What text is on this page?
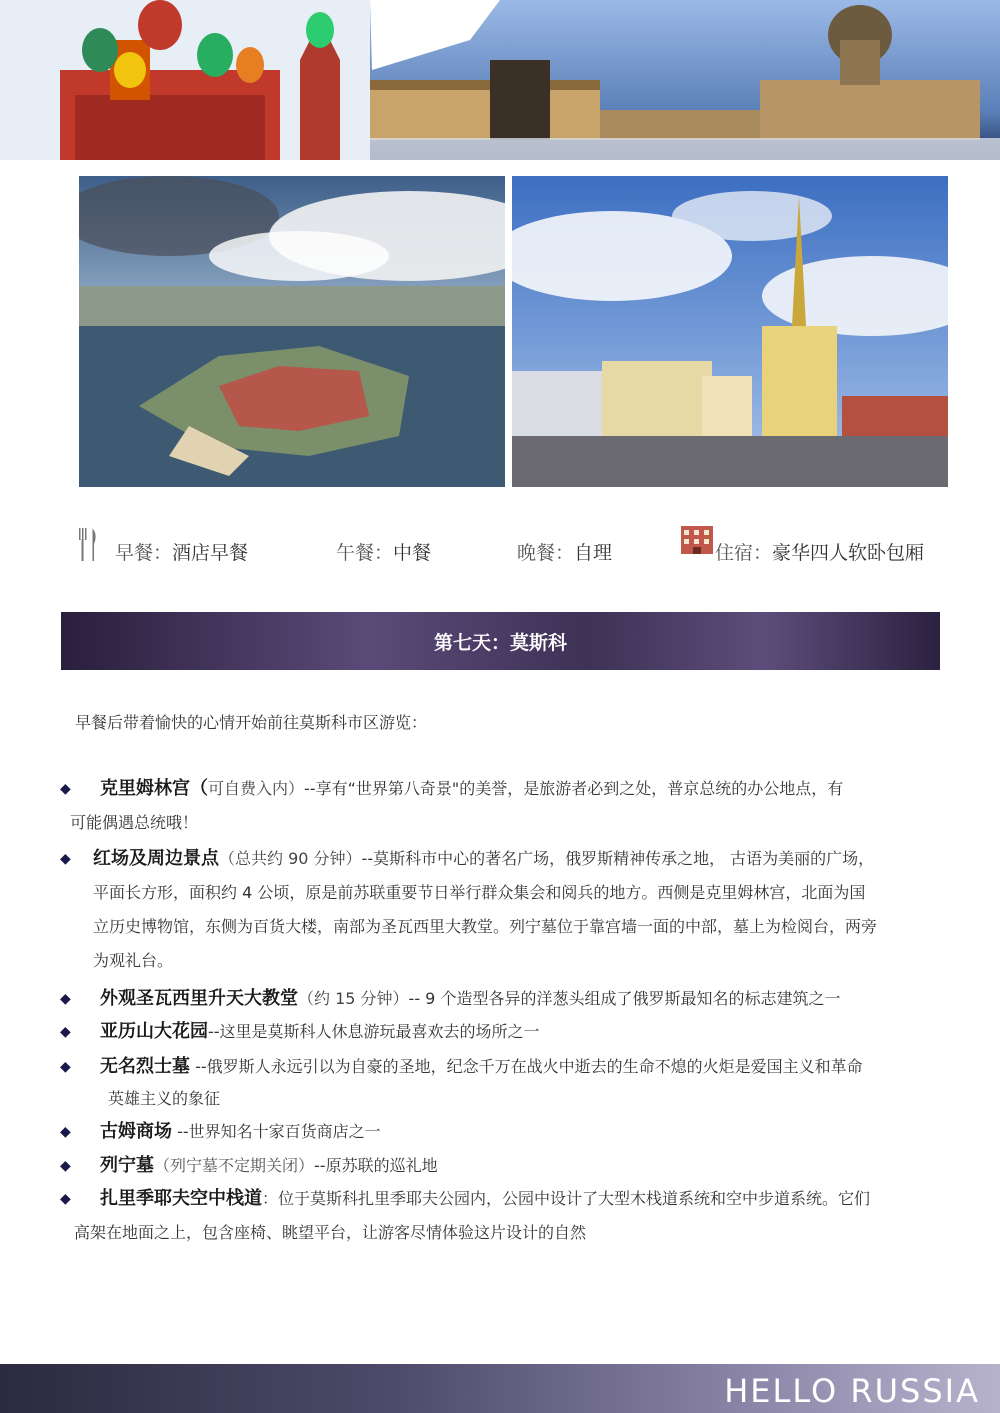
早餐：酒店早餐	午餐：中餐	晚餐：自理	住宿：豪华四人软卧包厢
第七天：莫斯科
早餐后带着愉快的心情开始前往莫斯科市区游览：
◆ 克里姆林宫（可自费入内）--享有“世界第八奇景"的美誉，是旅游者必到之处，普京总统的办公地点，有
可能偶遇总统哦！
◆ 红场及周边景点（总共约 90 分钟）--莫斯科市中心的著名广场，俄罗斯精神传承之地， 古语为美丽的广场，
平面长方形，面积约 4 公顷，原是前苏联重要节日举行群众集会和阅兵的地方。西侧是克里姆林宫，北面为国
立历史博物馆，东侧为百货大楼，南部为圣瓦西里大教堂。列宁墓位于靠宫墙一面的中部，墓上为检阅台，两旁
为观礼台。
◆ 外观圣瓦西里升天大教堂（约 15 分钟）-- 9 个造型各异的洋葱头组成了俄罗斯最知名的标志建筑之一
◆ 亚历山大花园--这里是莫斯科人休息游玩最喜欢去的场所之一
◆ 无名烈士墓 --俄罗斯人永远引以为自豪的圣地，纪念千万在战火中逝去的生命不熄的火炬是爱国主义和革命
英雄主义的象征
◆ 古姆商场 --世界知名十家百货商店之一
◆ 列宁墓（列宁墓不定期关闭）--原苏联的巡礼地
◆ 扎里季耶夫空中栈道：位于莫斯科扎里季耶夫公园内，公园中设计了大型木栈道系统和空中步道系统。它们
高架在地面之上，包含座椅、眺望平台，让游客尽情体验这片设计的自然
HELLO RUSSIA
